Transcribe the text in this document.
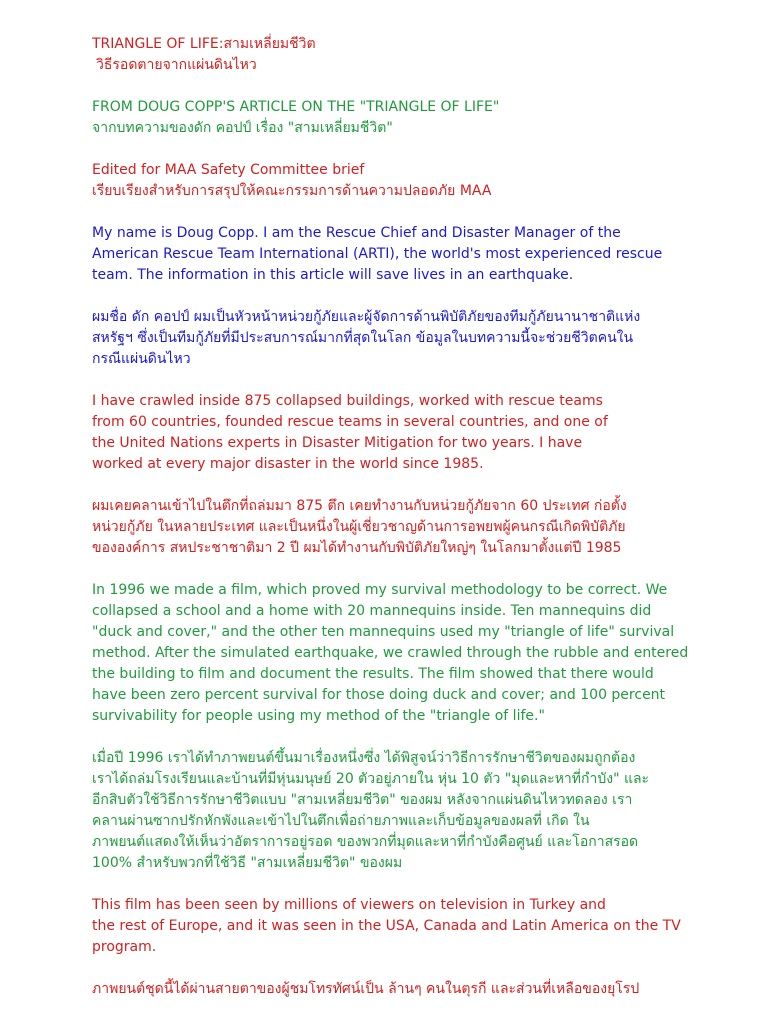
TRIANGLE OF LIFE:สามเหลี่ยมชีวิต
วิธีรอดตายจากแผ่นดินไหว
FROM DOUG COPP'S ARTICLE ON THE "TRIANGLE OF LIFE"
จากบทความของดัก คอปป์ เรื่อง "สามเหลี่ยมชีวิต"
Edited for MAA Safety Committee brief
เรียบเรียงสำหรับการสรุปให้คณะกรรมการด้านความปลอดภัย MAA
My name is Doug Copp. I am the Rescue Chief and Disaster Manager of the
American Rescue Team International (ARTI), the world's most experienced rescue
team. The information in this article will save lives in an earthquake.
ผมชื่อ ดัก คอปป์ ผมเป็นหัวหน้าหน่วยกู้ภัยและผู้จัดการด้านพิบัติภัยของทีมกู้ภัยนานาชาติแห่ง
สหรัฐฯ ซึ่งเป็นทีมกู้ภัยที่มีประสบการณ์มากที่สุดในโลก ข้อมูลในบทความนี้จะช่วยชีวิตคนใน
กรณีแผ่นดินไหว
I have crawled inside 875 collapsed buildings, worked with rescue teams
from 60 countries, founded rescue teams in several countries, and one of
the United Nations experts in Disaster Mitigation for two years. I have
worked at every major disaster in the world since 1985.
ผมเคยคลานเข้าไปในตึกที่ถล่มมา 875 ตึก เคยทำงานกับหน่วยกู้ภัยจาก 60 ประเทศ ก่อตั้ง
หน่วยกู้ภัย ในหลายประเทศ และเป็นหนึ่งในผู้เชี่ยวชาญด้านการอพยพผู้คนกรณีเกิดพิบัติภัย
ขององค์การ สหประชาชาติมา 2 ปี ผมได้ทำงานกับพิบัติภัยใหญ่ๆ ในโลกมาตั้งแต่ปี 1985
In 1996 we made a film, which proved my survival methodology to be correct. We
collapsed a school and a home with 20 mannequins inside. Ten mannequins did
"duck and cover," and the other ten mannequins used my "triangle of life" survival
method. After the simulated earthquake, we crawled through the rubble and entered
the building to film and document the results. The film showed that there would
have been zero percent survival for those doing duck and cover; and 100 percent
survivability for people using my method of the "triangle of life."
เมื่อปี 1996 เราได้ทำภาพยนต์ขึ้นมาเรื่องหนึ่งซึ่ง ได้พิสูจน์ว่าวิธีการรักษาชีวิตของผมถูกต้อง
เราได้ถล่มโรงเรียนและบ้านที่มีหุ่นมนุษย์ 20 ตัวอยู่ภายใน หุ่น 10 ตัว "มุดและหาที่กำบัง" และ
อีกสิบตัวใช้วิธีการรักษาชีวิตแบบ "สามเหลี่ยมชีวิต" ของผม หลังจากแผ่นดินไหวทดลอง เรา
คลานผ่านซากปรักหักพังและเข้าไปในตึกเพื่อถ่ายภาพและเก็บข้อมูลของผลที่ เกิด ใน
ภาพยนต์แสดงให้เห็นว่าอัตราการอยู่รอด ของพวกที่มุดและหาที่กำบังคือศูนย์ และโอกาสรอด
100% สำหรับพวกที่ใช้วิธี "สามเหลี่ยมชีวิต" ของผม
This film has been seen by millions of viewers on television in Turkey and
the rest of Europe, and it was seen in the USA, Canada and Latin America on the TV
program.
ภาพยนต์ชุดนี้ได้ผ่านสายตาของผู้ชมโทรทัศน์เป็น ล้านๆ คนในตุรกี และส่วนที่เหลือของยุโรป
